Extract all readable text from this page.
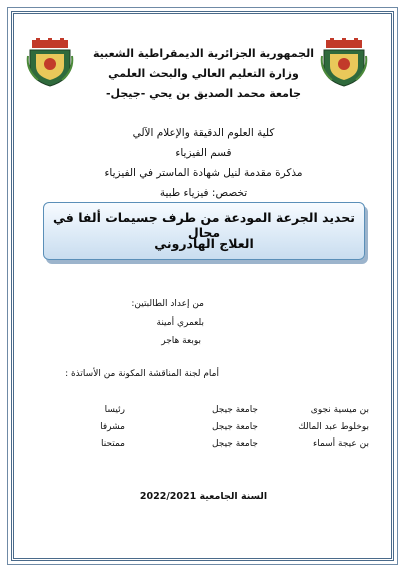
الجمهورية الجزائرية الديمقراطية الشعبية
وزارة التعليم العالي والبحث العلمي
جامعة محمد الصديق بن يحي -جيجل-
كلية العلوم الدقيقة والإعلام الآلي
قسم الفيزياء
مذكرة مقدمة لنيل شهادة الماستر في الفيزياء
تخصص: فيزياء طبية
تحديد الجرعة المودعة من طرف جسيمات ألفا في مجال
العلاج الهادروني
من إعداد الطالبتين:
بلعمري أمينة
بوبعة هاجر
أمام لجنة المناقشة المكونة من الأساتذة :
بن ميسية نجوى
جامعة جيجل
رئيسا
بوخلوط عبد المالك
جامعة جيجل
مشرفا
بن عيجة أسماء
جامعة جيجل
ممتحنا
السنة الجامعية 2022/2021
